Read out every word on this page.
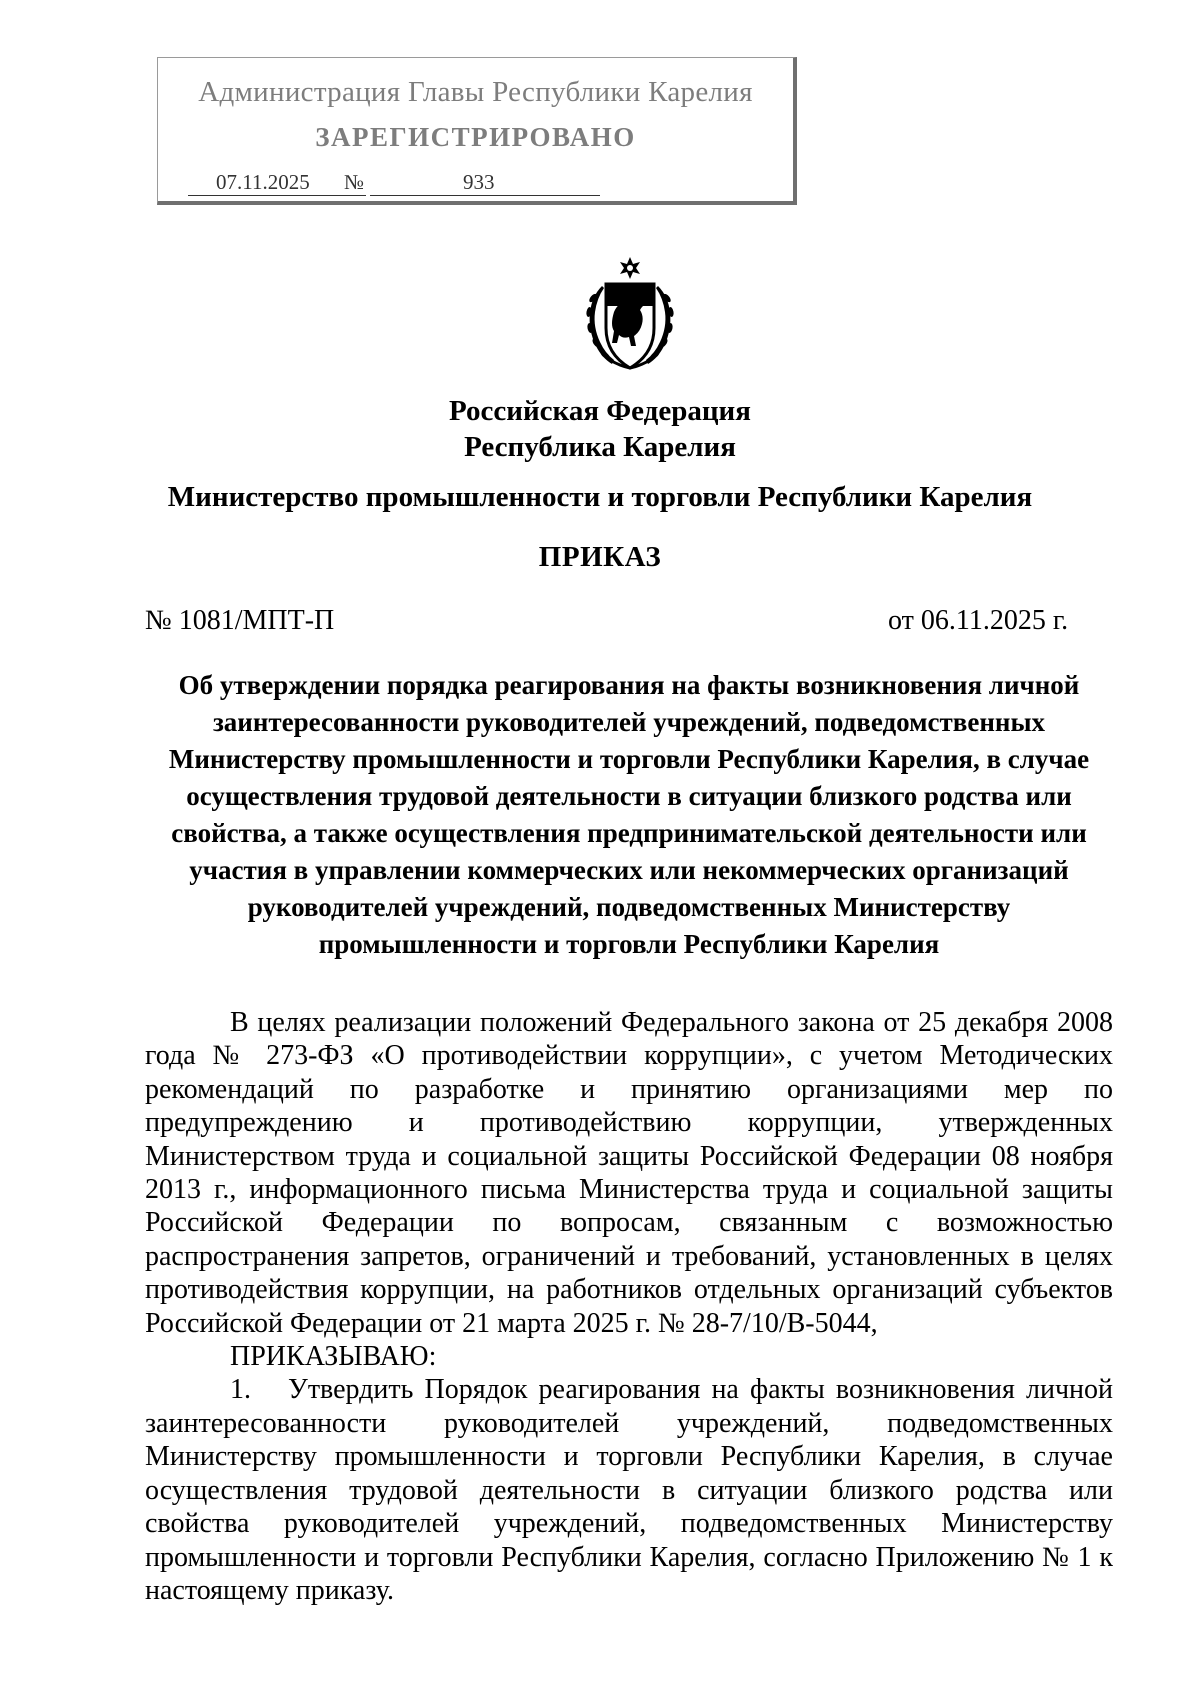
Администрация Главы Республики Карелия
ЗАРЕГИСТРИРОВАНО
07.11.2025	№	933
Российская Федерация
Республика Карелия
Министерство промышленности и торговли Республики Карелия
ПРИКАЗ
№ 1081/МПТ-П	от 06.11.2025 г.
Об утверждении порядка реагирования на факты возникновения личной заинтересованности руководителей учреждений, подведомственных Министерству промышленности и торговли Республики Карелия, в случае осуществления трудовой деятельности в ситуации близкого родства или свойства, а также осуществления предпринимательской деятельности или участия в управлении коммерческих или некоммерческих организаций руководителей учреждений, подведомственных Министерству промышленности и торговли Республики Карелия

В целях реализации положений Федерального закона от 25 декабря 2008 года № 273-ФЗ «О противодействии коррупции», с учетом Методических рекомендаций по разработке и принятию организациями мер по предупреждению и противодействию коррупции, утвержденных Министерством труда и социальной защиты Российской Федерации 08 ноября 2013 г., информационного письма Министерства труда и социальной защиты Российской Федерации по вопросам, связанным с возможностью распространения запретов, ограничений и требований, установленных в целях противодействия коррупции, на работников отдельных организаций субъектов Российской Федерации от 21 марта 2025 г. № 28-7/10/В-5044,

ПРИКАЗЫВАЮ:

1. Утвердить Порядок реагирования на факты возникновения личной заинтересованности руководителей учреждений, подведомственных Министерству промышленности и торговли Республики Карелия, в случае осуществления трудовой деятельности в ситуации близкого родства или свойства руководителей учреждений, подведомственных Министерству промышленности и торговли Республики Карелия, согласно Приложению № 1 к настоящему приказу.
